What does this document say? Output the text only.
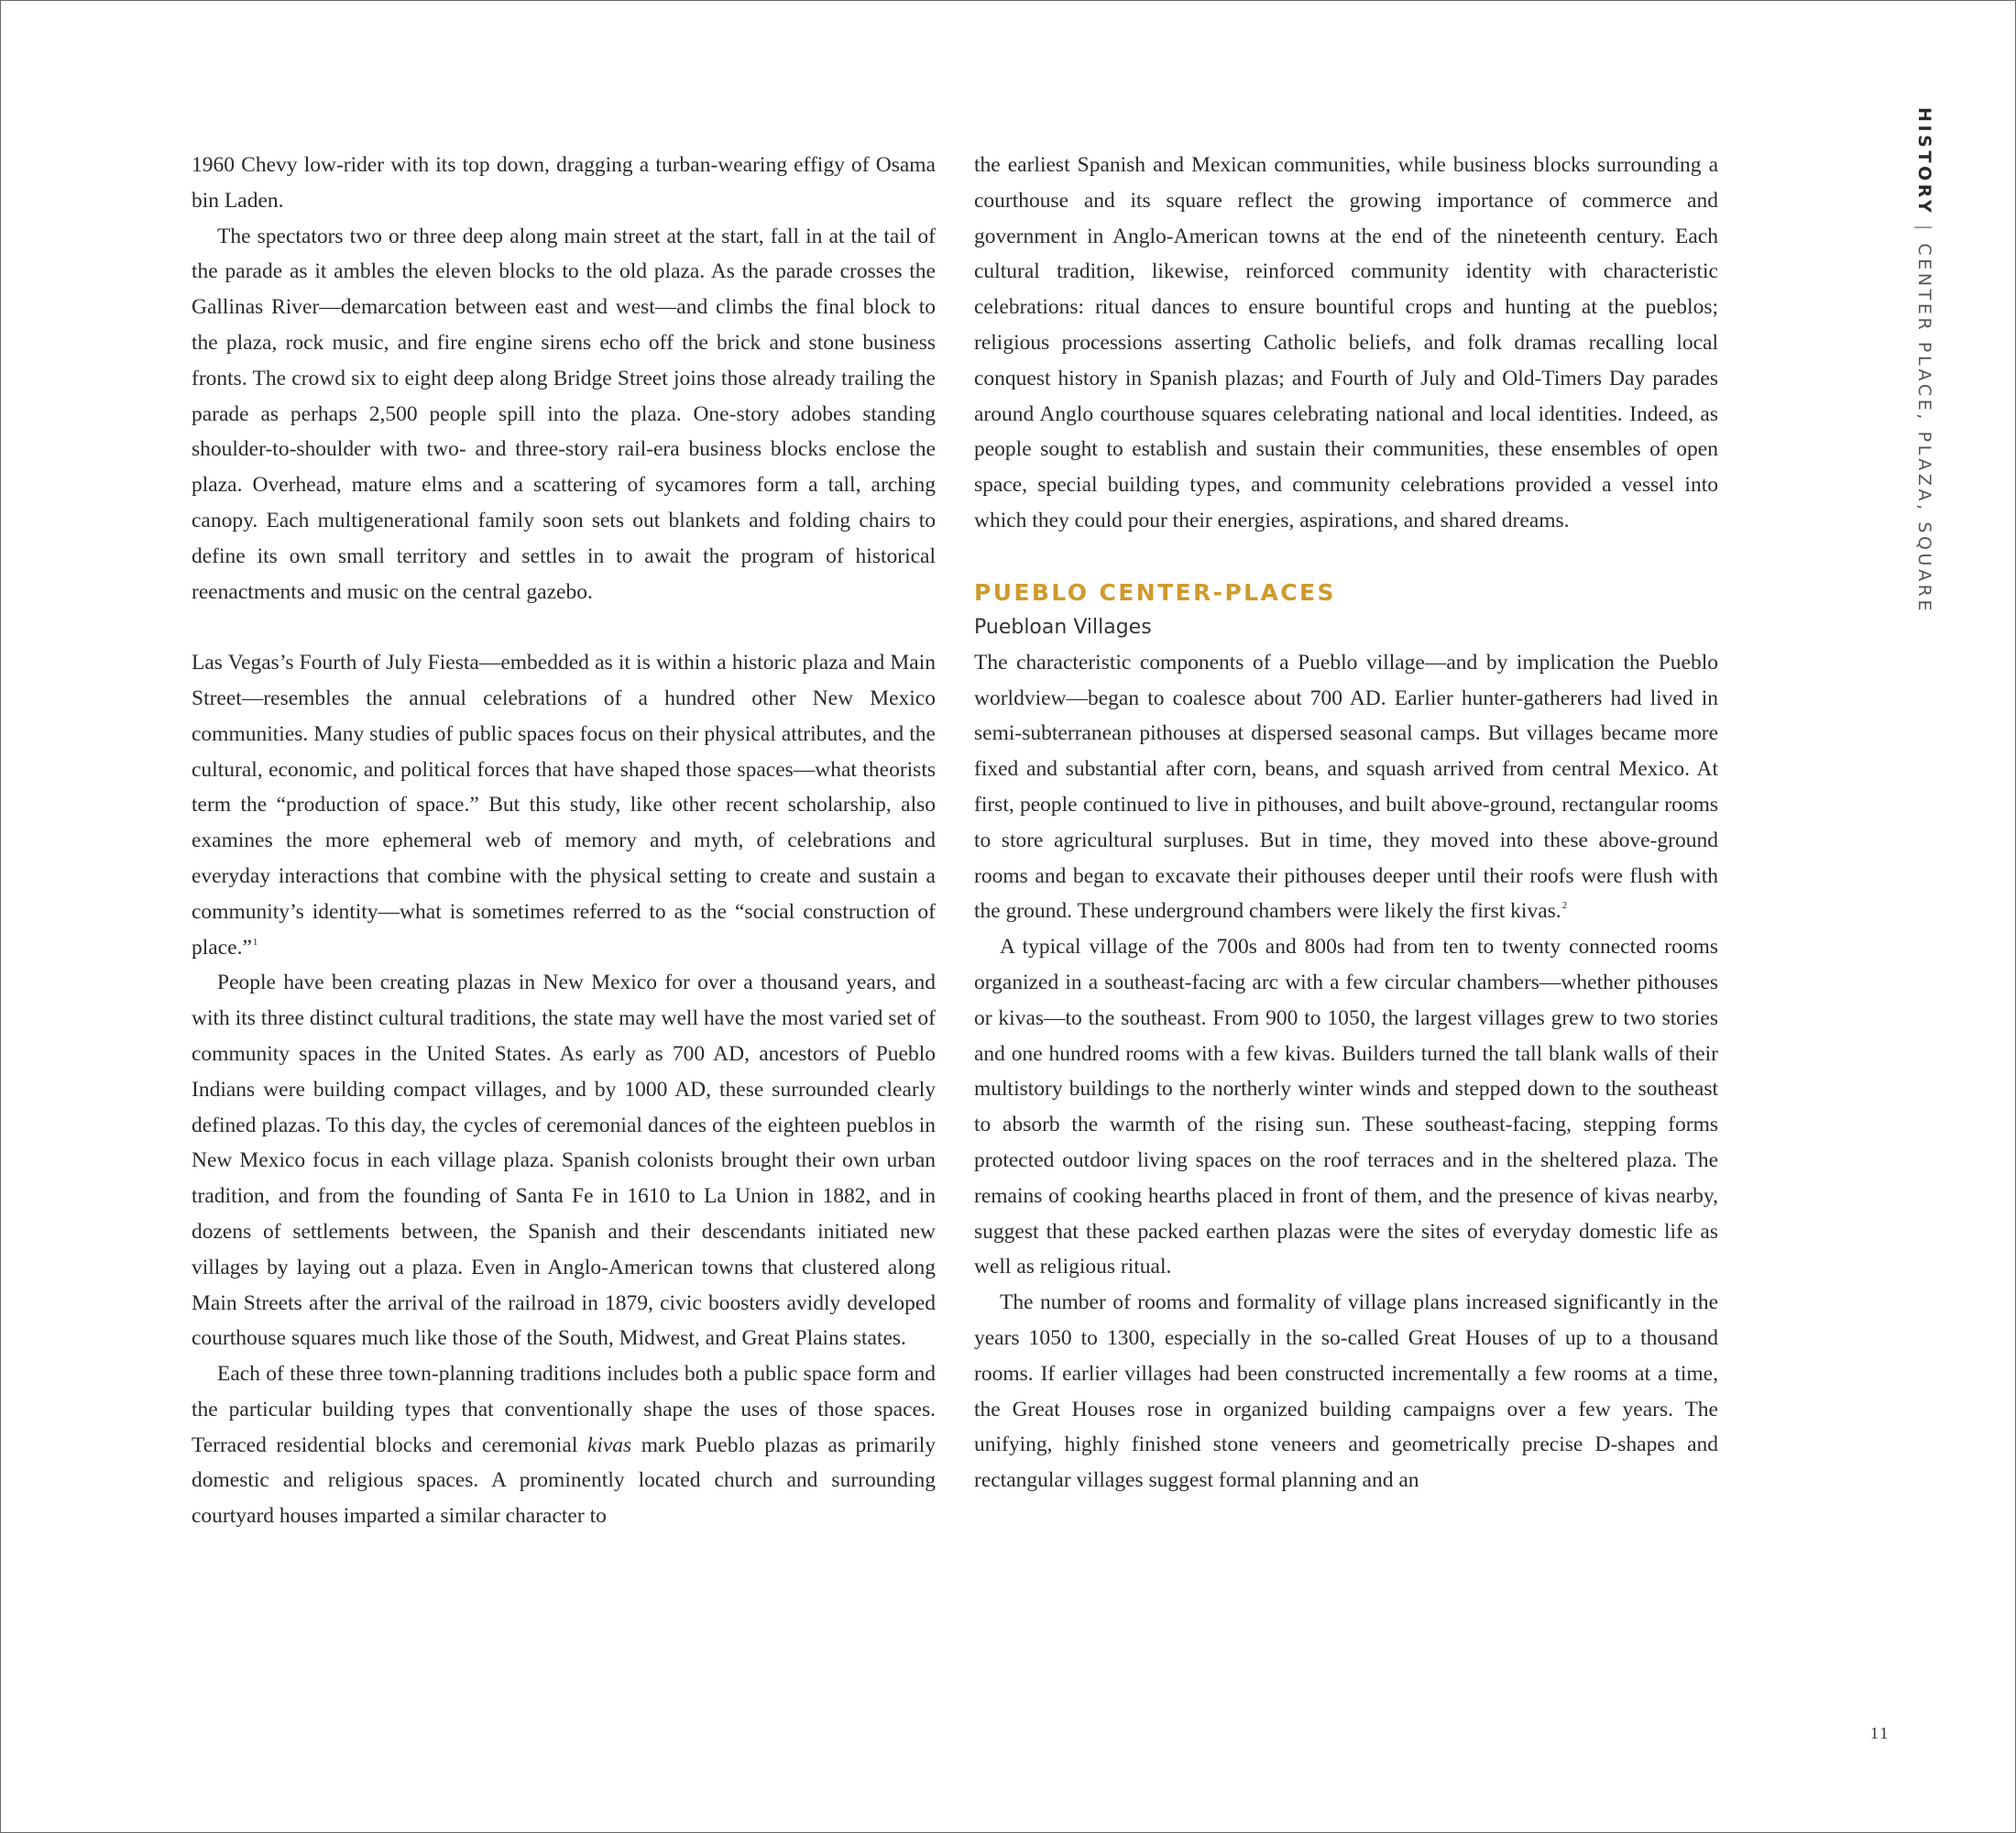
1960 Chevy low-rider with its top down, dragging a turban-wearing effigy of Osama bin Laden.

The spectators two or three deep along main street at the start, fall in at the tail of the parade as it ambles the eleven blocks to the old plaza. As the parade crosses the Gallinas River—demarcation between east and west—and climbs the final block to the plaza, rock music, and fire engine sirens echo off the brick and stone business fronts. The crowd six to eight deep along Bridge Street joins those already trailing the parade as perhaps 2,500 people spill into the plaza. One-story adobes standing shoulder-to-shoulder with two- and three-story rail-era business blocks enclose the plaza. Overhead, mature elms and a scattering of sycamores form a tall, arching canopy. Each multigenerational family soon sets out blankets and folding chairs to define its own small territory and settles in to await the program of historical reenactments and music on the central gazebo.

Las Vegas’s Fourth of July Fiesta—embedded as it is within a historic plaza and Main Street—resembles the annual celebrations of a hundred other New Mexico communities. Many studies of public spaces focus on their physical attributes, and the cultural, economic, and political forces that have shaped those spaces—what theorists term the “production of space.” But this study, like other recent scholarship, also examines the more ephemeral web of memory and myth, of celebrations and everyday interactions that combine with the physical setting to create and sustain a community’s identity—what is sometimes referred to as the “social construction of place.”$^1$

People have been creating plazas in New Mexico for over a thousand years, and with its three distinct cultural traditions, the state may well have the most varied set of community spaces in the United States. As early as 700 AD, ancestors of Pueblo Indians were building compact villages, and by 1000 AD, these surrounded clearly defined plazas. To this day, the cycles of ceremonial dances of the eighteen pueblos in New Mexico focus in each village plaza. Spanish colonists brought their own urban tradition, and from the founding of Santa Fe in 1610 to La Union in 1882, and in dozens of settlements between, the Spanish and their descendants initiated new villages by laying out a plaza. Even in Anglo-American towns that clustered along Main Streets after the arrival of the railroad in 1879, civic boosters avidly developed courthouse squares much like those of the South, Midwest, and Great Plains states.

Each of these three town-planning traditions includes both a public space form and the particular building types that conventionally shape the uses of those spaces. Terraced residential blocks and ceremonial kivas mark Pueblo plazas as primarily domestic and religious spaces. A prominently located church and surrounding courtyard houses imparted a similar character to

the earliest Spanish and Mexican communities, while business blocks surrounding a courthouse and its square reflect the growing importance of commerce and government in Anglo-American towns at the end of the nineteenth century. Each cultural tradition, likewise, reinforced community identity with characteristic celebrations: ritual dances to ensure bountiful crops and hunting at the pueblos; religious processions asserting Catholic beliefs, and folk dramas recalling local conquest history in Spanish plazas; and Fourth of July and Old-Timers Day parades around Anglo courthouse squares celebrating national and local identities. Indeed, as people sought to establish and sustain their communities, these ensembles of open space, special building types, and community celebrations provided a vessel into which they could pour their energies, aspirations, and shared dreams.

PUEBLO CENTER-PLACES
Puebloan Villages

The characteristic components of a Pueblo village—and by implication the Pueblo worldview—began to coalesce about 700 AD. Earlier hunter-gatherers had lived in semi-subterranean pithouses at dispersed seasonal camps. But villages became more fixed and substantial after corn, beans, and squash arrived from central Mexico. At first, people continued to live in pithouses, and built above-ground, rectangular rooms to store agricultural surpluses. But in time, they moved into these above-ground rooms and began to excavate their pithouses deeper until their roofs were flush with the ground. These underground chambers were likely the first kivas.$^2$

A typical village of the 700s and 800s had from ten to twenty connected rooms organized in a southeast-facing arc with a few circular chambers—whether pithouses or kivas—to the southeast. From 900 to 1050, the largest villages grew to two stories and one hundred rooms with a few kivas. Builders turned the tall blank walls of their multistory buildings to the northerly winter winds and stepped down to the southeast to absorb the warmth of the rising sun. These southeast-facing, stepping forms protected outdoor living spaces on the roof terraces and in the sheltered plaza. The remains of cooking hearths placed in front of them, and the presence of kivas nearby, suggest that these packed earthen plazas were the sites of everyday domestic life as well as religious ritual.

The number of rooms and formality of village plans increased significantly in the years 1050 to 1300, especially in the so-called Great Houses of up to a thousand rooms. If earlier villages had been constructed incrementally a few rooms at a time, the Great Houses rose in organized building campaigns over a few years. The unifying, highly finished stone veneers and geometrically precise D-shapes and rectangular villages suggest formal planning and an

HISTORY|CENTER PLACE, PLAZA, SQUARE
11
